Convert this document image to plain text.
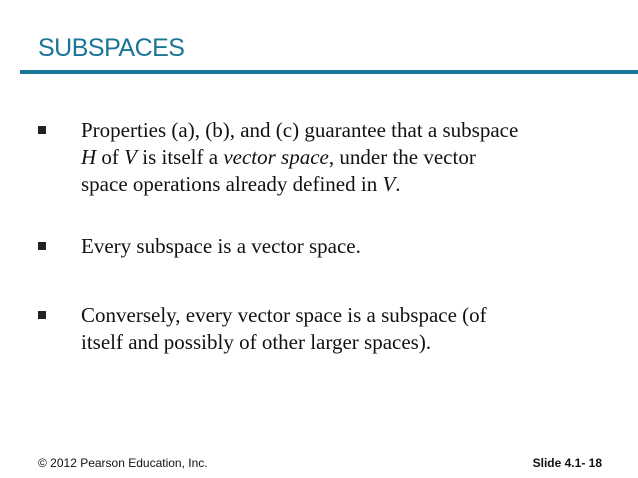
SUBSPACES
Properties (a), (b), and (c) guarantee that a subspace
H of V is itself a vector space, under the vector
space operations already defined in V.
Every subspace is a vector space.
Conversely, every vector space is a subspace (of
itself and possibly of other larger spaces).
© 2012 Pearson Education, Inc.	Slide 4.1- 18
